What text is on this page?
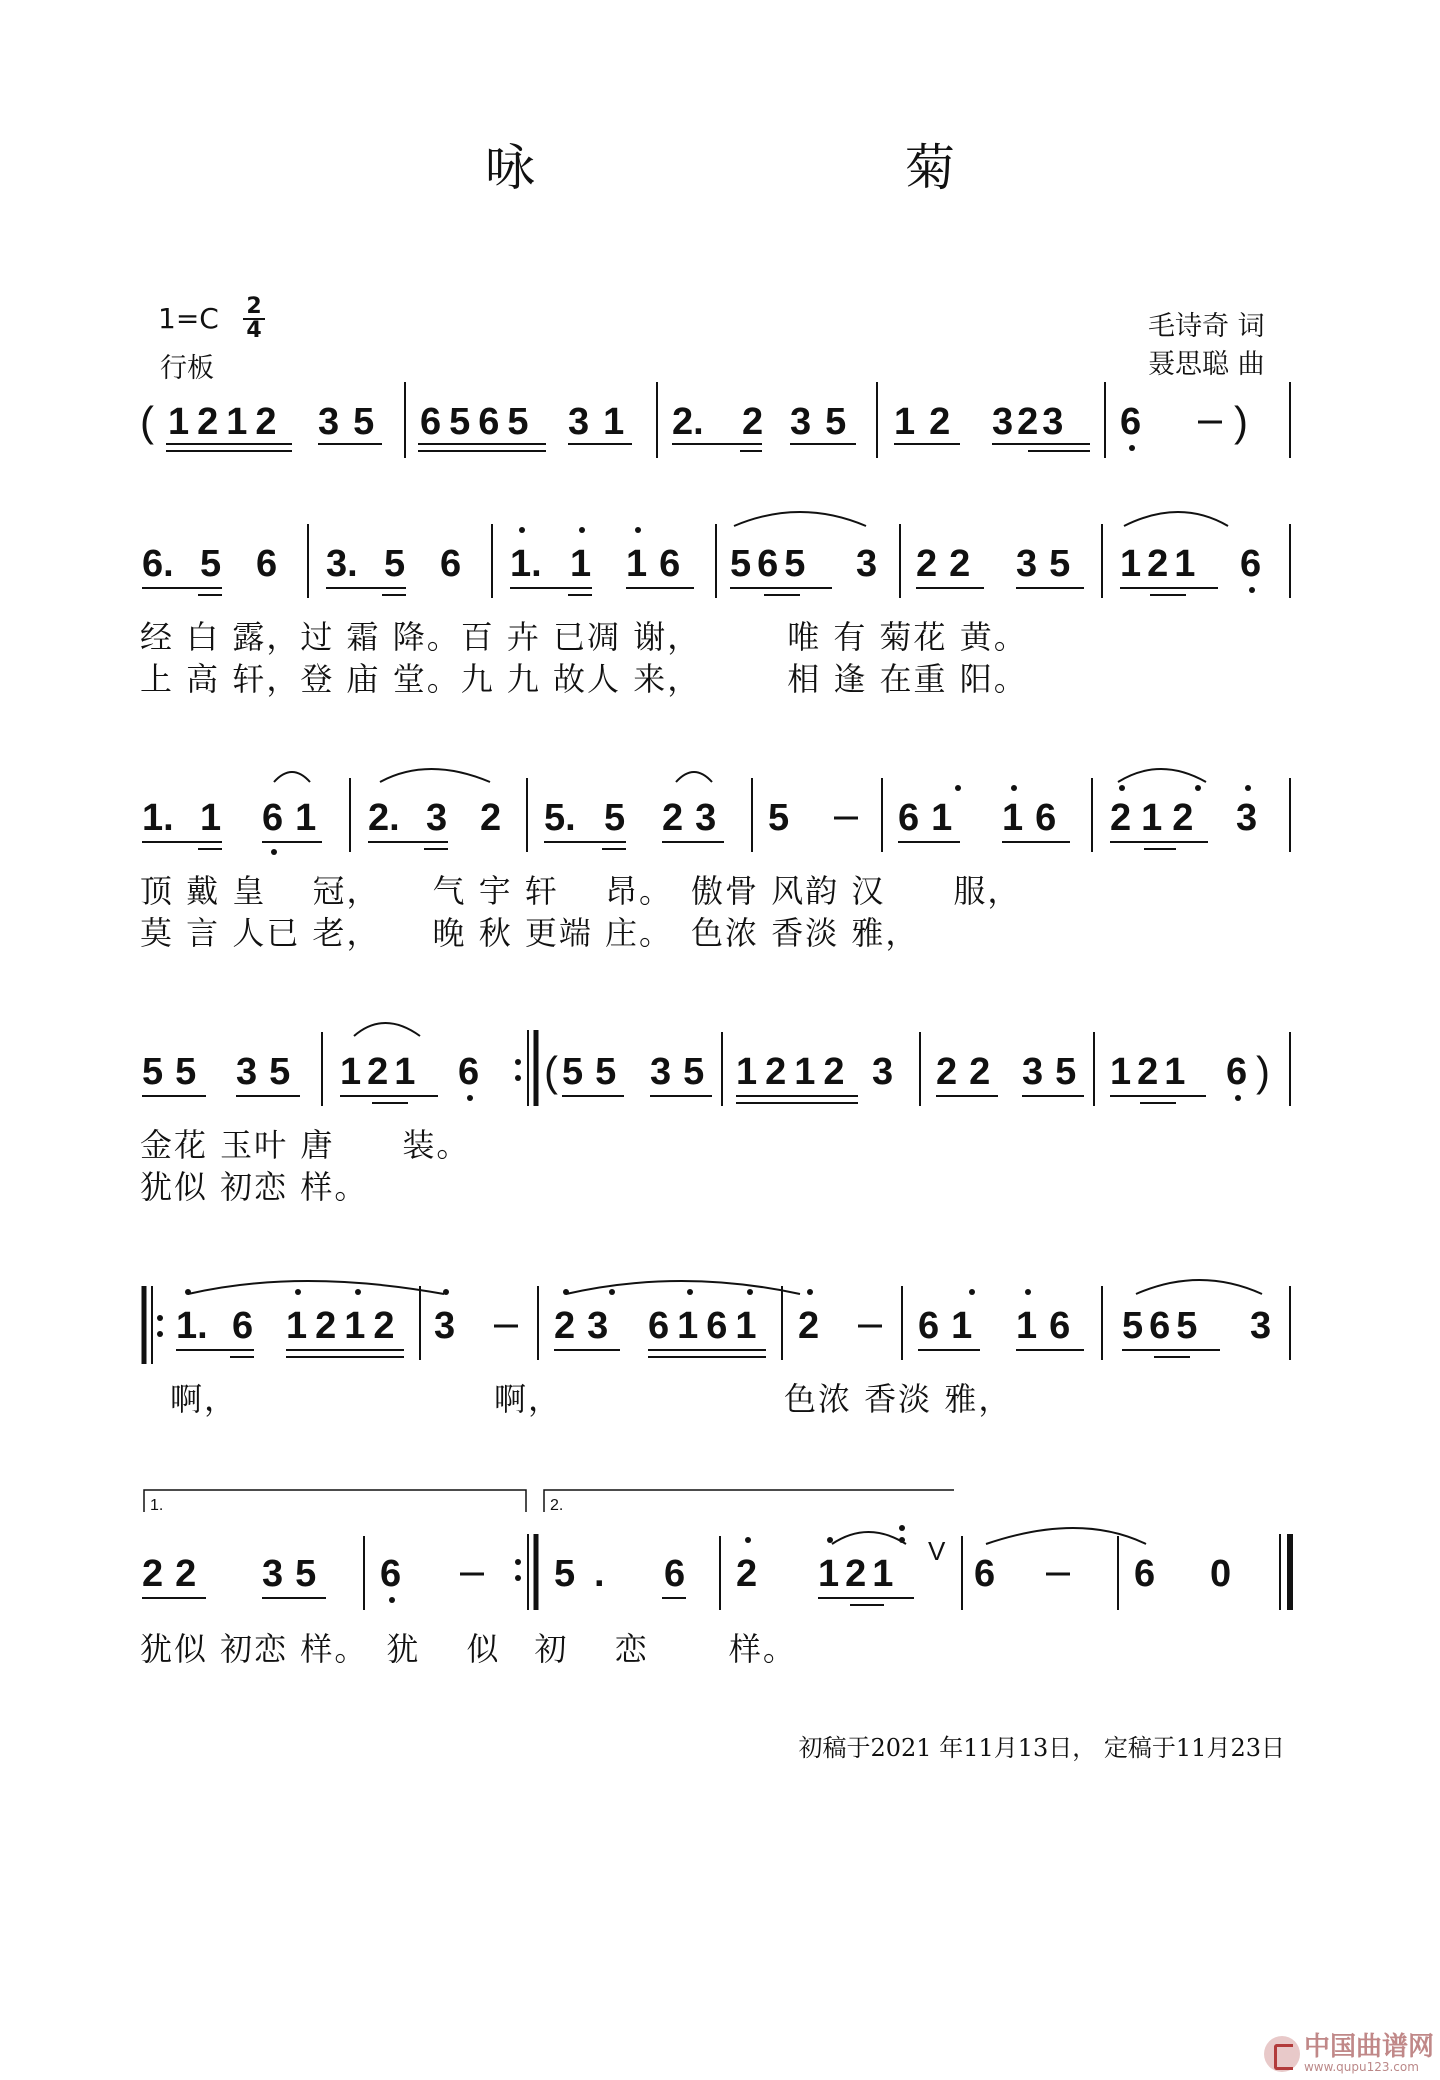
咏　菊
$1=C \frac{2}{4}$
行板
毛诗奇 词
聂思聪 曲
( 1212 35 6565 31 2. 2 35 12 323 6 )
6. 5 6 3. 5 6 1. 1 16 565 3 22 35 121 6
1. 1 61 2. 3 2 5. 5 23 5	61 16 212 3
55 35 121 6 ( 55 35 1212 3 22 35 121 6 )
1. 6 1212 3	23 6161 2	61 16 565 3
1.	2.
22 35 6	5 . 6 2 121
V
6	6 0
经 白 露，过 霜 降。百 卉 已凋 谢，　　　唯 有 菊花 黄。
上 高 轩，登 庙 堂。九 九 故人 来，　　　相 逢 在重 阳。
顶 戴 皇 　冠，　　气 宇 轩　 昂。　傲骨 风韵 汉　　服，
莫 言 人已 老，　　晚 秋 更端 庄。　色浓 香淡 雅，
金花 玉叶 唐　　装。
犹似 初恋 样。
啊，　　　　　　　　啊，　　　　　　　色浓 香淡 雅，
犹似 初恋 样。　犹　 似　初　 恋　　 样。
初稿于2021 年11月13日， 定稿于11月23日
中国曲谱网
www.qupu123.com
